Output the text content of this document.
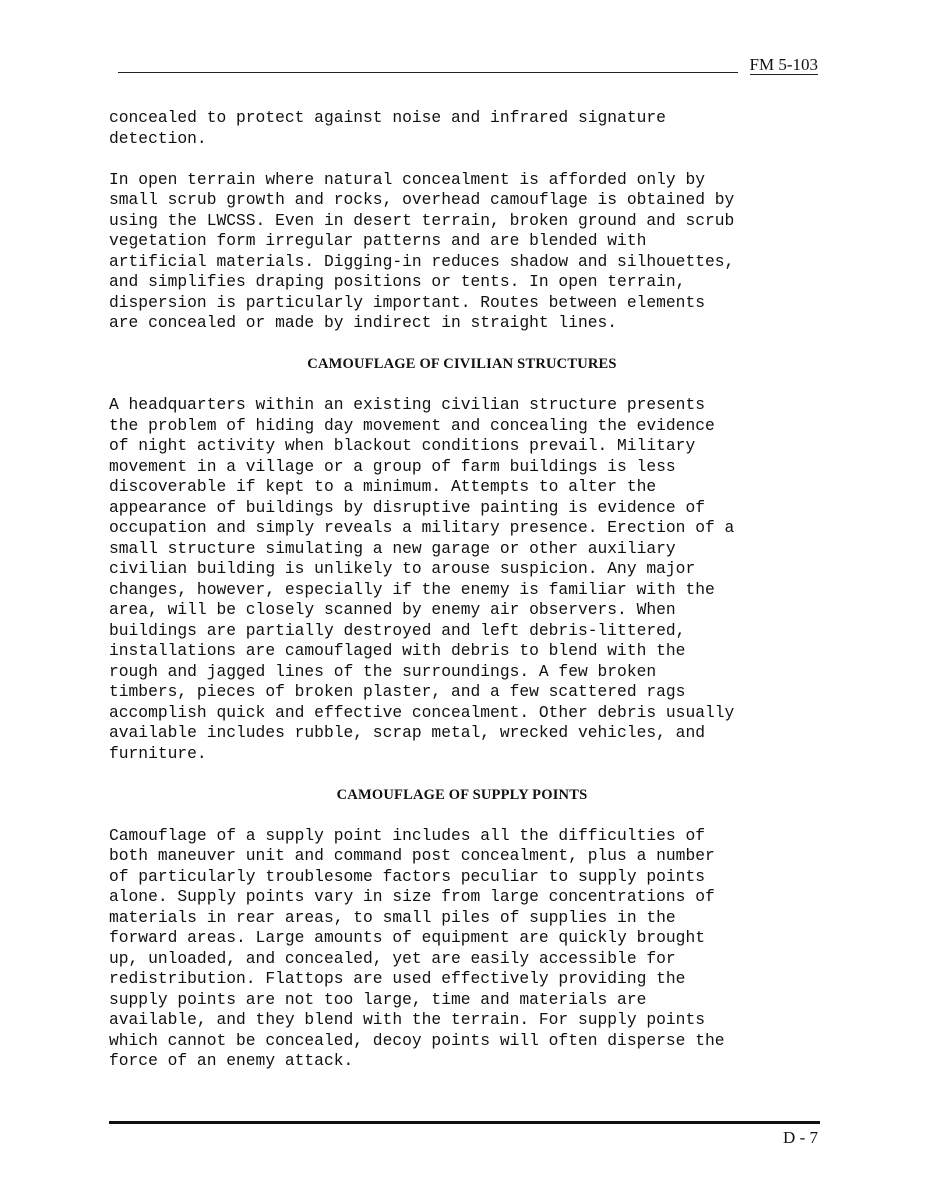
FM 5-103

concealed to protect against noise and infrared signature
detection.

In open terrain where natural concealment is afforded only by
small scrub growth and rocks, overhead camouflage is obtained by
using the LWCSS. Even in desert terrain, broken ground and scrub
vegetation form irregular patterns and are blended with
artificial materials. Digging-in reduces shadow and silhouettes,
and simplifies draping positions or tents. In open terrain,
dispersion is particularly important. Routes between elements
are concealed or made by indirect in straight lines.

CAMOUFLAGE OF CIVILIAN STRUCTURES

A headquarters within an existing civilian structure presents
the problem of hiding day movement and concealing the evidence
of night activity when blackout conditions prevail. Military
movement in a village or a group of farm buildings is less
discoverable if kept to a minimum. Attempts to alter the
appearance of buildings by disruptive painting is evidence of
occupation and simply reveals a military presence. Erection of a
small structure simulating a new garage or other auxiliary
civilian building is unlikely to arouse suspicion. Any major
changes, however, especially if the enemy is familiar with the
area, will be closely scanned by enemy air observers. When
buildings are partially destroyed and left debris-littered,
installations are camouflaged with debris to blend with the
rough and jagged lines of the surroundings. A few broken
timbers, pieces of broken plaster, and a few scattered rags
accomplish quick and effective concealment. Other debris usually
available includes rubble, scrap metal, wrecked vehicles, and
furniture.

CAMOUFLAGE OF SUPPLY POINTS

Camouflage of a supply point includes all the difficulties of
both maneuver unit and command post concealment, plus a number
of particularly troublesome factors peculiar to supply points
alone. Supply points vary in size from large concentrations of
materials in rear areas, to small piles of supplies in the
forward areas. Large amounts of equipment are quickly brought
up, unloaded, and concealed, yet are easily accessible for
redistribution. Flattops are used effectively providing the
supply points are not too large, time and materials are
available, and they blend with the terrain. For supply points
which cannot be concealed, decoy points will often disperse the
force of an enemy attack.

D - 7
